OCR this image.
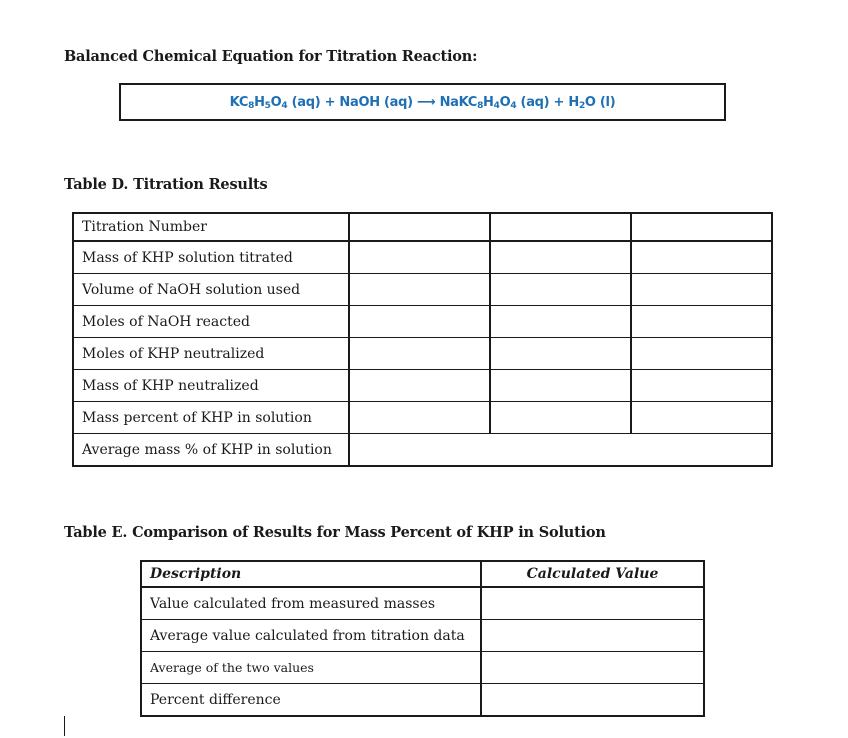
Balanced Chemical Equation for Titration Reaction:
$KC_8H_5O_4$ (aq) + NaOH (aq) ⟶ $NaKC_8H_4O_4$ $(aq) + H_2O$ (l)
Table D. Titration Results
Titration Number			
Mass of KHP solution titrated			
Volume of NaOH solution used			
Moles of NaOH reacted			
Moles of KHP neutralized			
Mass of KHP neutralized			
Mass percent of KHP in solution			
Average mass % of KHP in solution			
Table E. Comparison of Results for Mass Percent of KHP in Solution
Description	Calculated Value
Value calculated from measured masses	
Average value calculated from titration data	
Average of the two values	
Percent difference	
